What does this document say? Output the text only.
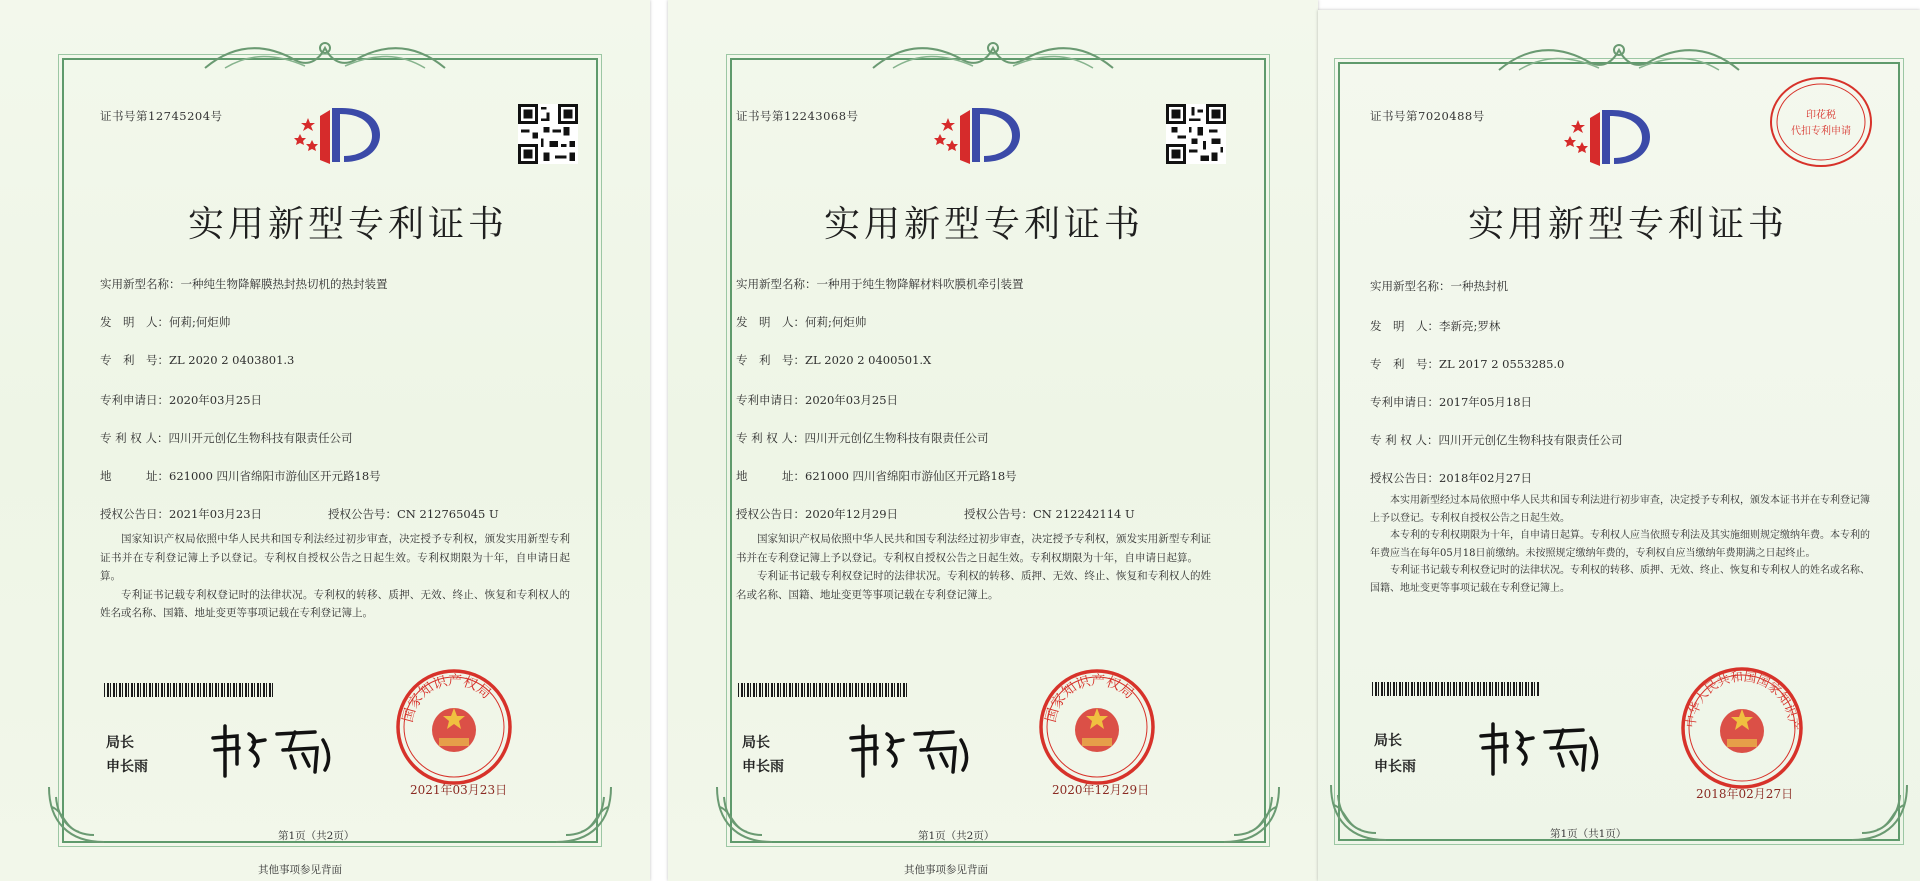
证书号第12745204号
实用新型专利证书
实用新型名称：一种纯生物降解膜热封热切机的热封装置
发　明　人：何莉;何炬帅
专　利　号：ZL 2020 2 0403801.3
专利申请日：2020年03月25日
专 利 权 人：四川开元创亿生物科技有限责任公司
地　　　址：621000 四川省绵阳市游仙区开元路18号
授权公告日：2021年03月23日	授权公告号：CN 212765045 U

国家知识产权局依照中华人民共和国专利法经过初步审查，决定授予专利权，颁发实用新型专利证书并在专利登记簿上予以登记。专利权自授权公告之日起生效。专利权期限为十年，自申请日起算。

专利证书记载专利权登记时的法律状况。专利权的转移、质押、无效、终止、恢复和专利权人的姓名或名称、国籍、地址变更等事项记载在专利登记簿上。

局长
申长雨
国家知识产权局
2021年03月23日
第1页（共2页）
其他事项参见背面
证书号第12243068号
实用新型专利证书
实用新型名称：一种用于纯生物降解材料吹膜机牵引装置
发　明　人：何莉;何炬帅
专　利　号：ZL 2020 2 0400501.X
专利申请日：2020年03月25日
专 利 权 人：四川开元创亿生物科技有限责任公司
地　　　址：621000 四川省绵阳市游仙区开元路18号
授权公告日：2020年12月29日	授权公告号：CN 212242114 U

国家知识产权局依照中华人民共和国专利法经过初步审查，决定授予专利权，颁发实用新型专利证书并在专利登记簿上予以登记。专利权自授权公告之日起生效。专利权期限为十年，自申请日起算。

专利证书记载专利权登记时的法律状况。专利权的转移、质押、无效、终止、恢复和专利权人的姓名或名称、国籍、地址变更等事项记载在专利登记簿上。

局长
申长雨
国家知识产权局
2020年12月29日
第1页（共2页）
其他事项参见背面
证书号第7020488号	印花税
代扣专利申请
实用新型专利证书
实用新型名称：一种热封机
发　明　人：李新亮;罗林
专　利　号：ZL 2017 2 0553285.0
专利申请日：2017年05月18日
专 利 权 人：四川开元创亿生物科技有限责任公司
授权公告日：2018年02月27日

本实用新型经过本局依照中华人民共和国专利法进行初步审查，决定授予专利权，颁发本证书并在专利登记簿上予以登记。专利权自授权公告之日起生效。

本专利的专利权期限为十年，自申请日起算。专利权人应当依照专利法及其实施细则规定缴纳年费。本专利的年费应当在每年05月18日前缴纳。未按照规定缴纳年费的，专利权自应当缴纳年费期满之日起终止。

专利证书记载专利权登记时的法律状况。专利权的转移、质押、无效、终止、恢复和专利权人的姓名或名称、国籍、地址变更等事项记载在专利登记簿上。

局长
申长雨
中华人民共和国国家知识产
2018年02月27日
第1页（共1页）
